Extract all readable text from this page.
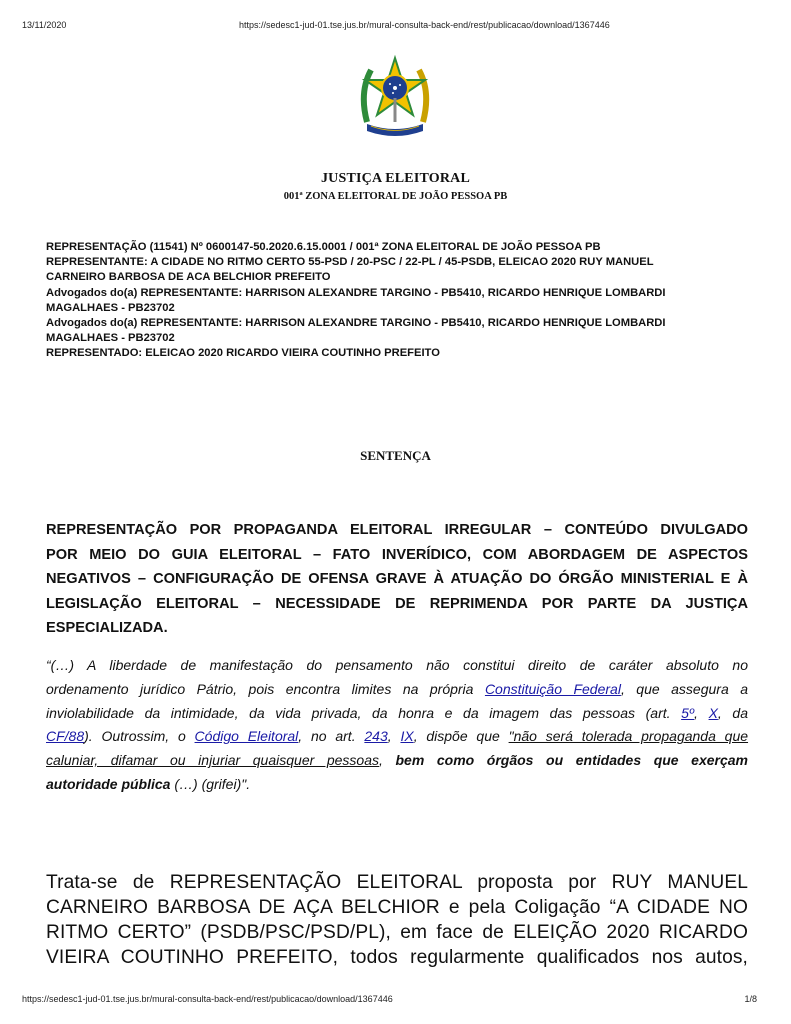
13/11/2020	https://sedesc1-jud-01.tse.jus.br/mural-consulta-back-end/rest/publicacao/download/1367446
JUSTIÇA ELEITORAL
001ª ZONA ELEITORAL DE JOÃO PESSOA PB
REPRESENTAÇÃO (11541) Nº 0600147-50.2020.6.15.0001 / 001ª ZONA ELEITORAL DE JOÃO PESSOA PB
REPRESENTANTE: A CIDADE NO RITMO CERTO 55-PSD / 20-PSC / 22-PL / 45-PSDB, ELEICAO 2020 RUY MANUEL
CARNEIRO BARBOSA DE ACA BELCHIOR PREFEITO
Advogados do(a) REPRESENTANTE: HARRISON ALEXANDRE TARGINO - PB5410, RICARDO HENRIQUE LOMBARDI
MAGALHAES - PB23702
Advogados do(a) REPRESENTANTE: HARRISON ALEXANDRE TARGINO - PB5410, RICARDO HENRIQUE LOMBARDI
MAGALHAES - PB23702
REPRESENTADO: ELEICAO 2020 RICARDO VIEIRA COUTINHO PREFEITO
SENTENÇA
REPRESENTAÇÃO POR PROPAGANDA ELEITORAL IRREGULAR – CONTEÚDO DIVULGADO
POR MEIO DO GUIA ELEITORAL – FATO INVERÍDICO, COM ABORDAGEM DE ASPECTOS
NEGATIVOS – CONFIGURAÇÃO DE OFENSA GRAVE À ATUAÇÃO DO ÓRGÃO MINISTERIAL E À
LEGISLAÇÃO ELEITORAL – NECESSIDADE DE REPRIMENDA POR PARTE DA JUSTIÇA
ESPECIALIZADA.
“(…) A liberdade de manifestação do pensamento não constitui direito de caráter absoluto no
ordenamento jurídico Pátrio, pois encontra limites na própria Constituição Federal, que assegura a
inviolabilidade da intimidade, da vida privada, da honra e da imagem das pessoas (art. 5º, X, da
CF/88). Outrossim, o Código Eleitoral, no art. 243, IX, dispõe que "não será tolerada propaganda que
caluniar, difamar ou injuriar quaisquer pessoas, bem como órgãos ou entidades que exerçam
autoridade pública (…) (grifei)".
Trata-se de REPRESENTAÇÃO ELEITORAL proposta por RUY MANUEL
CARNEIRO BARBOSA DE AÇA BELCHIOR e pela Coligação “A CIDADE NO
RITMO CERTO” (PSDB/PSC/PSD/PL), em face de ELEIÇÃO 2020 RICARDO
VIEIRA COUTINHO PREFEITO, todos regularmente qualificados nos autos,
https://sedesc1-jud-01.tse.jus.br/mural-consulta-back-end/rest/publicacao/download/1367446	1/8
